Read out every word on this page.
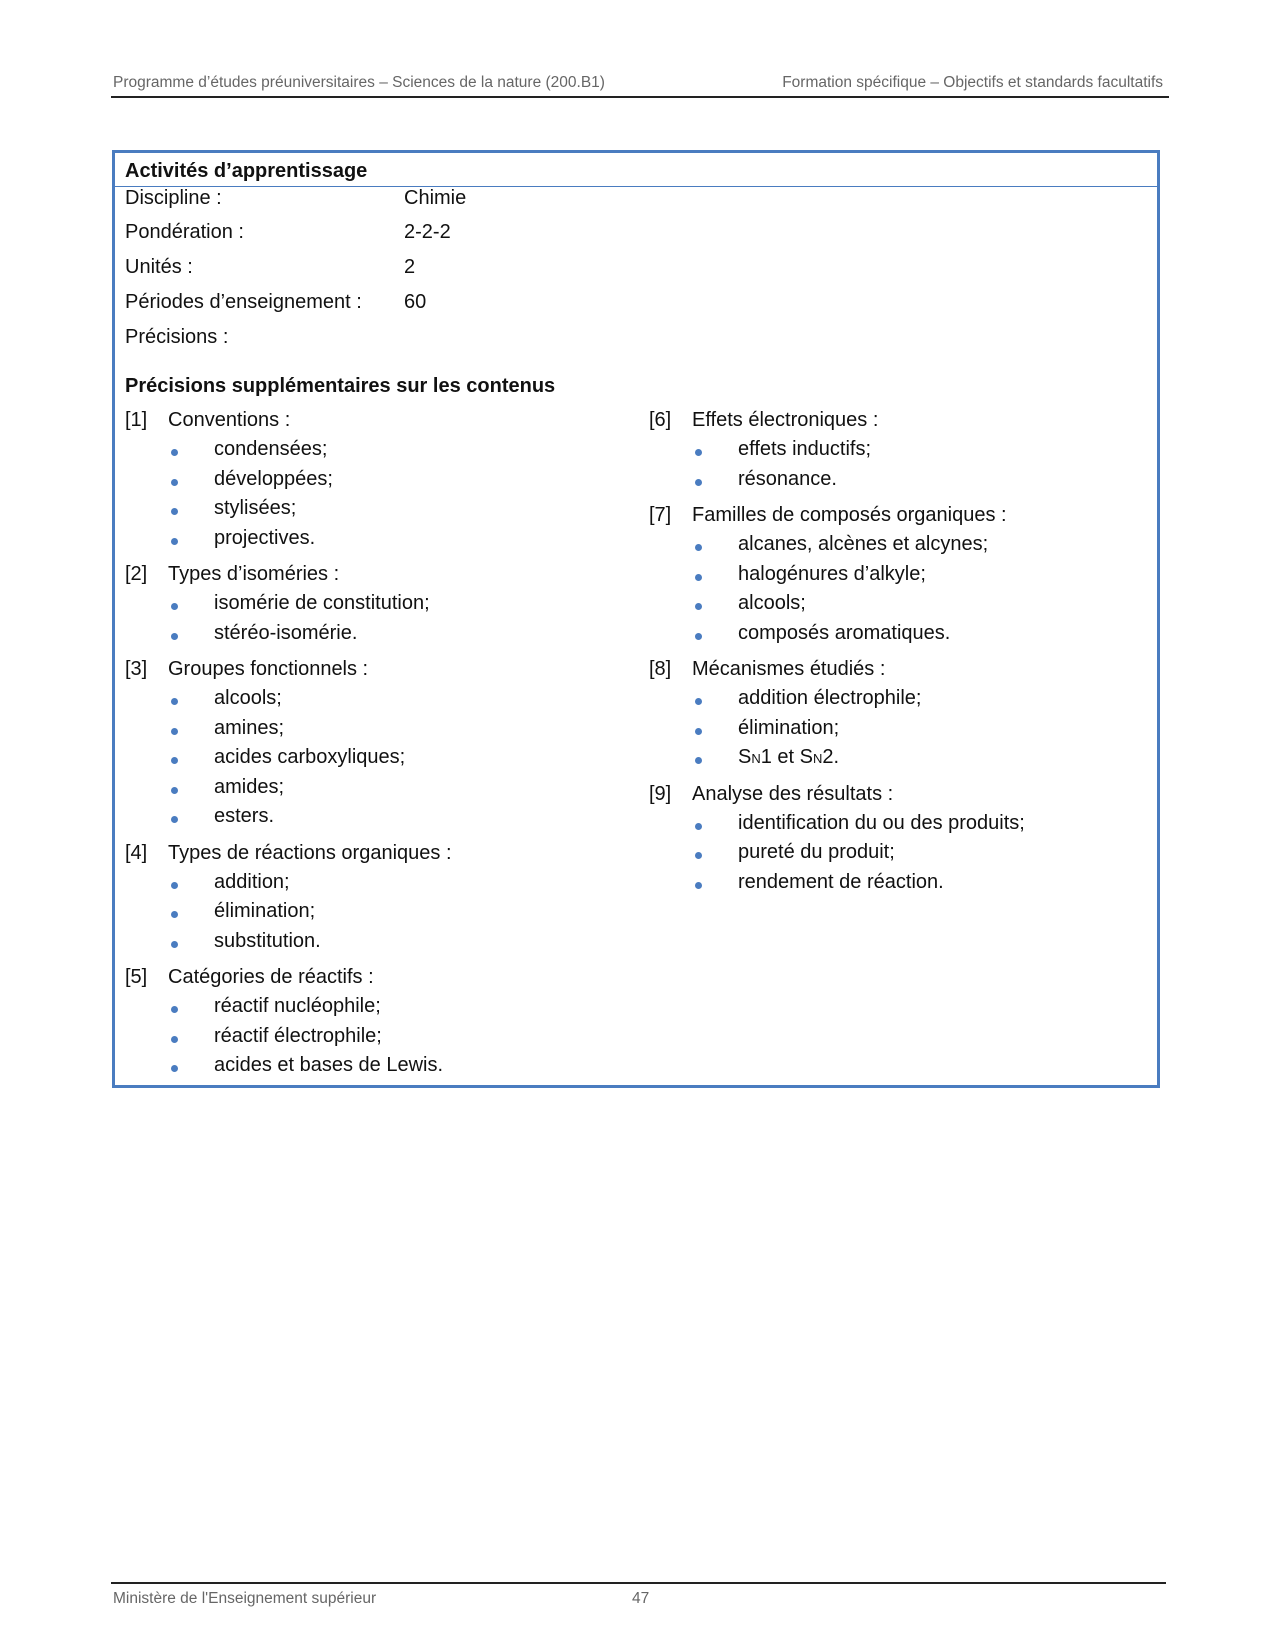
Programme d’études préuniversitaires – Sciences de la nature (200.B1)	Formation spécifique – Objectifs et standards facultatifs
Activités d’apprentissage
Discipline :	Chimie
Pondération :	2-2-2
Unités :	2
Périodes d’enseignement : 60
Précisions :
Précisions supplémentaires sur les contenus
[1] Conventions :
condensées;
développées;
stylisées;
projectives.
[2] Types d’isoméries :
isomérie de constitution;
stéréo-isomérie.
[3] Groupes fonctionnels :
alcools;
amines;
acides carboxyliques;
amides;
esters.
[4] Types de réactions organiques :
addition;
élimination;
substitution.
[5] Catégories de réactifs :
réactif nucléophile;
réactif électrophile;
acides et bases de Lewis.
[6] Effets électroniques :
effets inductifs;
résonance.
[7] Familles de composés organiques :
alcanes, alcènes et alcynes;
halogénures d’alkyle;
alcools;
composés aromatiques.
[8] Mécanismes étudiés :
addition électrophile;
élimination;
SN1 et SN2.
[9] Analyse des résultats :
identification du ou des produits;
pureté du produit;
rendement de réaction.
Ministère de l'Enseignement supérieur	47
